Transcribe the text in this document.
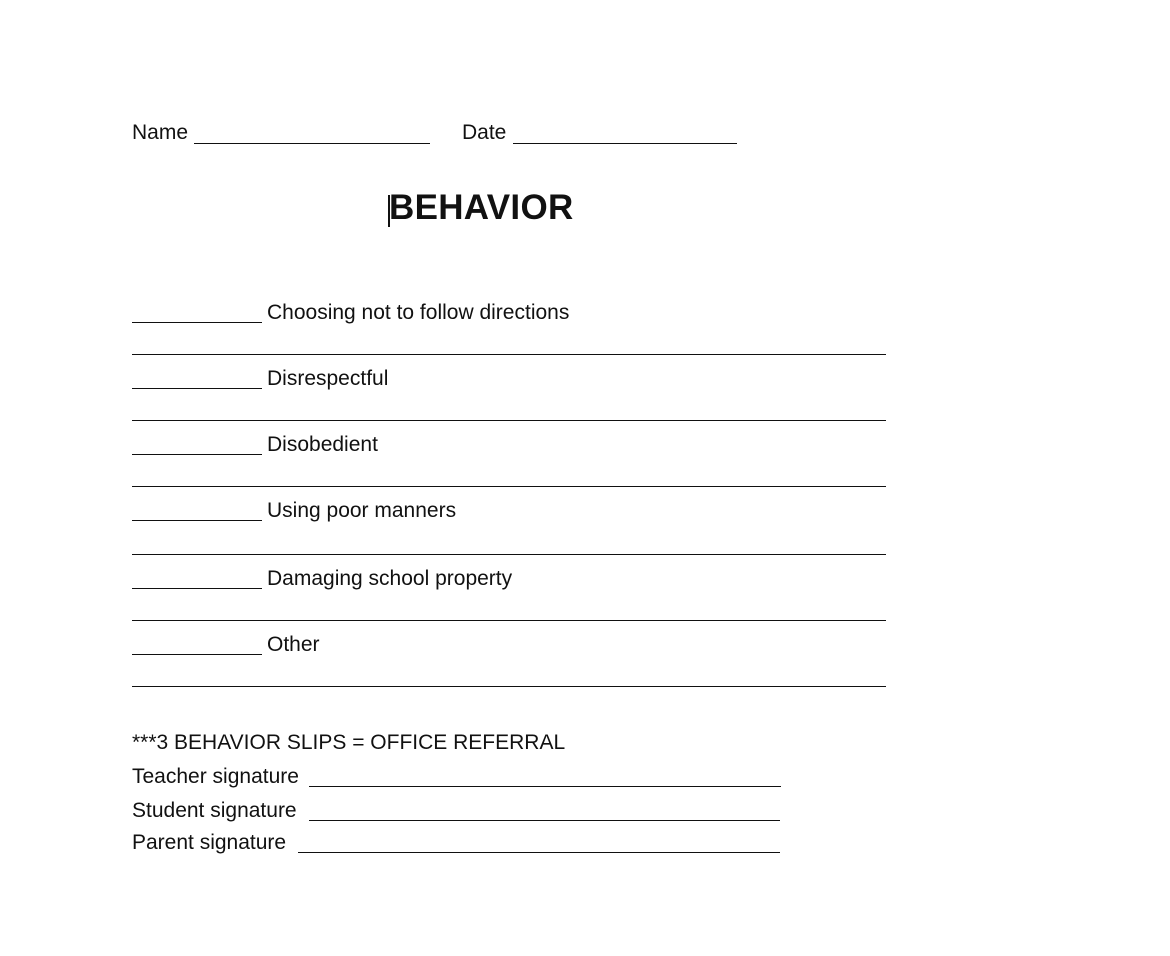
Name	Date
BEHAVIOR
Choosing not to follow directions
Disrespectful
Disobedient
Using poor manners
Damaging school property
Other
***3 BEHAVIOR SLIPS = OFFICE REFERRAL
Teacher signature
Student signature
Parent signature
